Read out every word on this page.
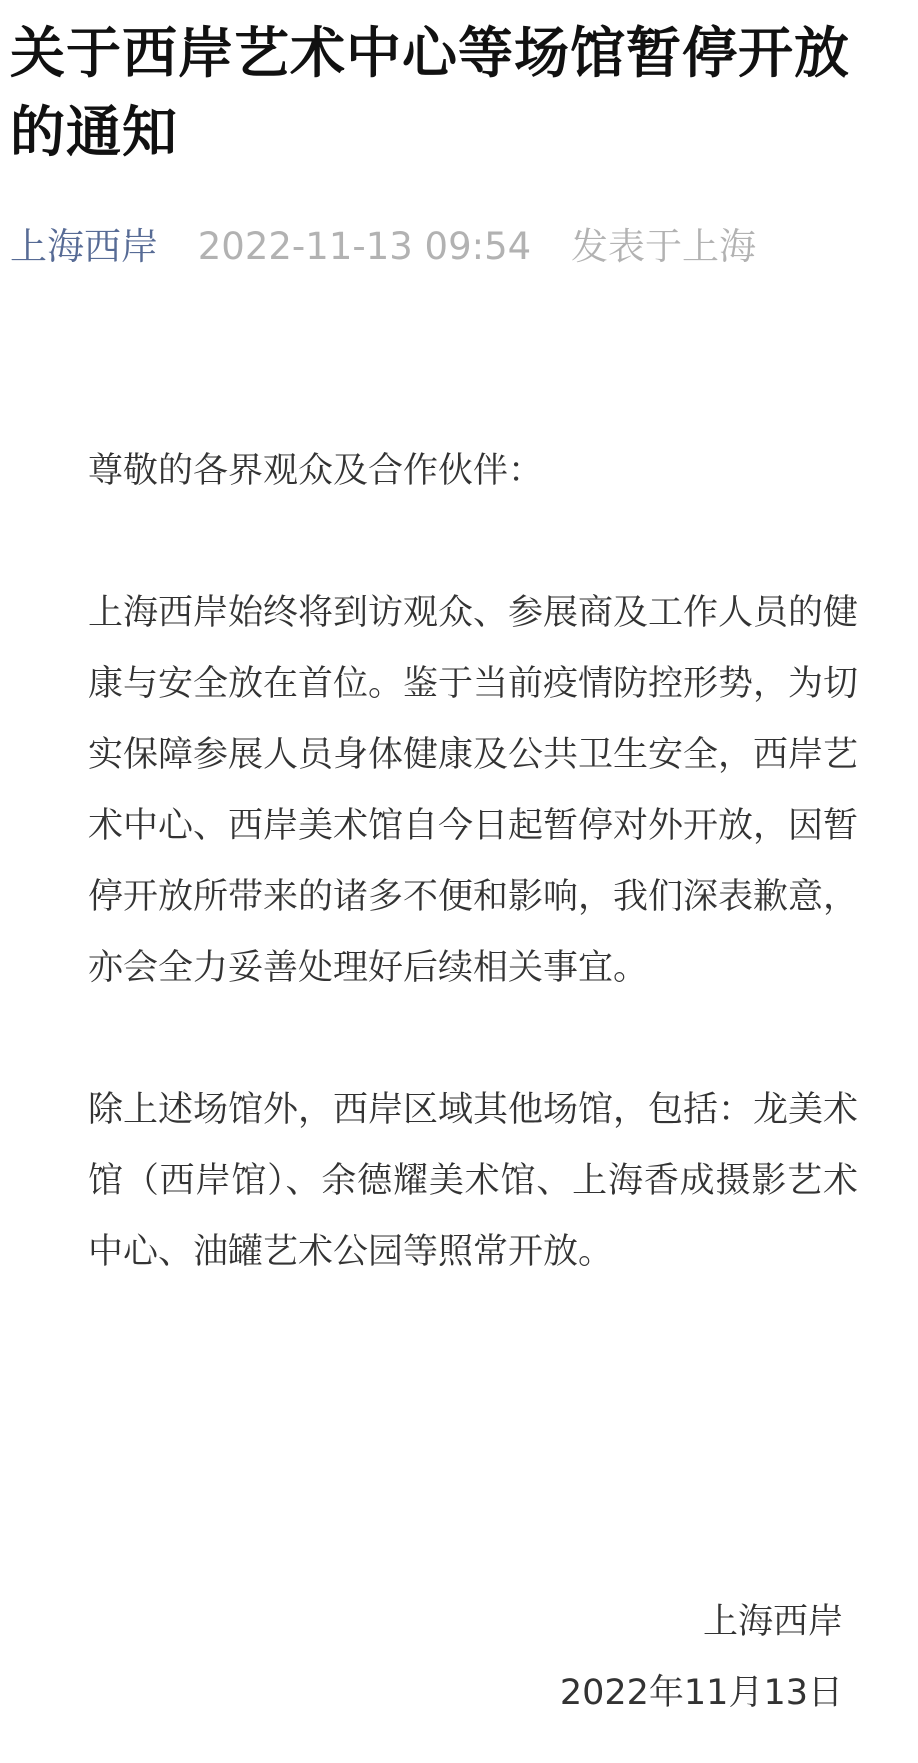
关于西岸艺术中心等场馆暂停开放的通知
上海西岸 2022-11-13 09:54 发表于上海

尊敬的各界观众及合作伙伴：

上海西岸始终将到访观众、参展商及工作人员的健康与安全放在首位。鉴于当前疫情防控形势，为切实保障参展人员身体健康及公共卫生安全，西岸艺术中心、西岸美术馆自今日起暂停对外开放，因暂停开放所带来的诸多不便和影响，我们深表歉意，亦会全力妥善处理好后续相关事宜。

除上述场馆外，西岸区域其他场馆，包括：龙美术馆（西岸馆）、余德耀美术馆、上海香成摄影艺术中心、油罐艺术公园等照常开放。

上海西岸
2022年11月13日
